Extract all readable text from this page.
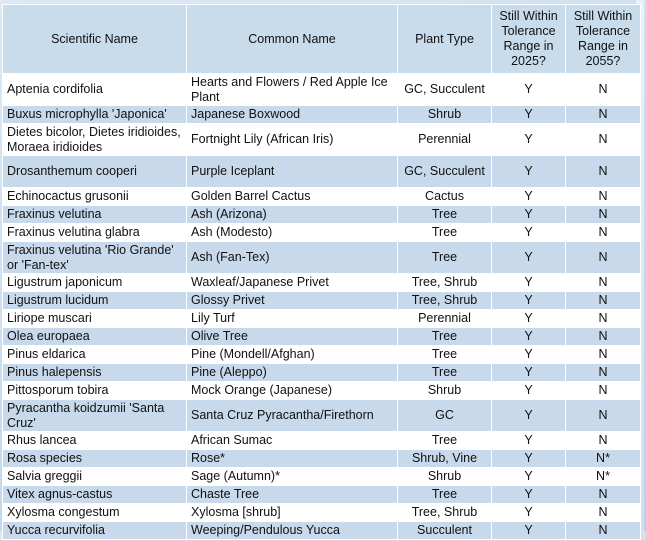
Scientific Name	Common Name	Plant Type	Still Within Tolerance Range in 2025?	Still Within Tolerance Range in 2055?
Aptenia cordifolia	Hearts and Flowers / Red Apple Ice Plant	GC, Succulent	Y	N
Buxus microphylla 'Japonica'	Japanese Boxwood	Shrub	Y	N
Dietes bicolor, Dietes iridioides, Moraea iridioides	Fortnight Lily (African Iris)	Perennial	Y	N
Drosanthemum cooperi	Purple Iceplant	GC, Succulent	Y	N
Echinocactus grusonii	Golden Barrel Cactus	Cactus	Y	N
Fraxinus velutina	Ash (Arizona)	Tree	Y	N
Fraxinus velutina glabra	Ash (Modesto)	Tree	Y	N
Fraxinus velutina 'Rio Grande' or 'Fan-tex'	Ash (Fan-Tex)	Tree	Y	N
Ligustrum japonicum	Waxleaf/Japanese Privet	Tree, Shrub	Y	N
Ligustrum lucidum	Glossy Privet	Tree, Shrub	Y	N
Liriope muscari	Lily Turf	Perennial	Y	N
Olea europaea	Olive Tree	Tree	Y	N
Pinus eldarica	Pine (Mondell/Afghan)	Tree	Y	N
Pinus halepensis	Pine (Aleppo)	Tree	Y	N
Pittosporum tobira	Mock Orange (Japanese)	Shrub	Y	N
Pyracantha koidzumii 'Santa Cruz'	Santa Cruz Pyracantha/Firethorn	GC	Y	N
Rhus lancea	African Sumac	Tree	Y	N
Rosa species	Rose*	Shrub, Vine	Y	N*
Salvia greggii	Sage (Autumn)*	Shrub	Y	N*
Vitex agnus-castus	Chaste Tree	Tree	Y	N
Xylosma congestum	Xylosma [shrub]	Tree, Shrub	Y	N
Yucca recurvifolia	Weeping/Pendulous Yucca	Succulent	Y	N
